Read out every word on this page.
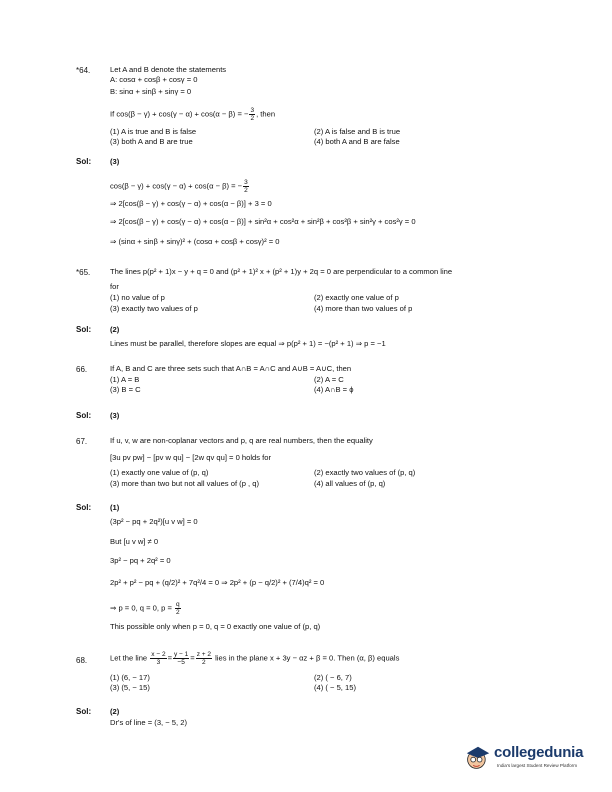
*64.	Let A and B denote the statements
A: cosα + cosβ + cosγ = 0
B: sinα + sinβ + sinγ = 0
If cos(β − γ) + cos(γ − α) + cos(α − β) = − $\frac{3}{2}$ , then
(1) A is true and B is false	(2) A is false and B is true
(3) both A and B are true	(4) both A and B are false
Sol: (3)
cos(β − γ) + cos(γ − α) + cos(α − β) = − $\frac{3}{2}$
⇒ 2[cos(β − γ) + cos(γ − α) + cos(α − β)] + 3 = 0
⇒ 2[cos(β − γ) + cos(γ − α) + cos(α − β)] + sin²α + cos²α + sin²β + cos²β + sin²γ + cos²γ = 0
⇒ (sinα + sinβ + sinγ)² + (cosα + cosβ + cosγ)² = 0
*65.	The lines p(p² + 1)x − y + q = 0 and (p² + 1)² x + (p² + 1)y + 2q = 0 are perpendicular to a common line
for
(1) no value of p	(2) exactly one value of p
(3) exactly two values of p	(4) more than two values of p
Sol: (2)
Lines must be parallel, therefore slopes are equal ⇒ p(p² + 1) = −(p² + 1) ⇒ p = −1
66.	If A, B and C are three sets such that A∩B = A∩C and A∪B = A∪C, then
(1) A = B	(2) A = C
(3) B = C	(4) A∩B = ϕ
Sol: (3)
67.	If u, v, w are non-coplanar vectors and p, q are real numbers, then the equality
[3u pv pw] − [pv w qu] − [2w qv qu] = 0 holds for
(1) exactly one value of (p, q)	(2) exactly two values of (p, q)
(3) more than two but not all values of (p , q)	(4) all values of (p, q)
Sol: (1)
(3p² − pq + 2q²)[u v w] = 0
But [u v w] ≠ 0
3p² − pq + 2q² = 0
2p² + p² − pq + (q/2)² + 7q²/4 = 0 ⇒ 2p² + (p − q/2)² + (7/4)q² = 0
⇒ p = 0, q = 0, $p = \frac{q}{2}$
This possible only when p = 0, q = 0 exactly one value of (p, q)
68.	Let the line $\frac{x - 2}{3} = \frac{y - 1}{-5} = \frac{z + 2}{2}$ lies in the plane x + 3y − αz + β = 0. Then (α, β) equals
(1) (6, − 17)	(2) ( − 6, 7)
(3) (5, − 15)	(4) ( − 5, 15)
Sol: (2)
Dr's of line = (3, − 5, 2)
collegedunia
India's largest Student Review Platform
